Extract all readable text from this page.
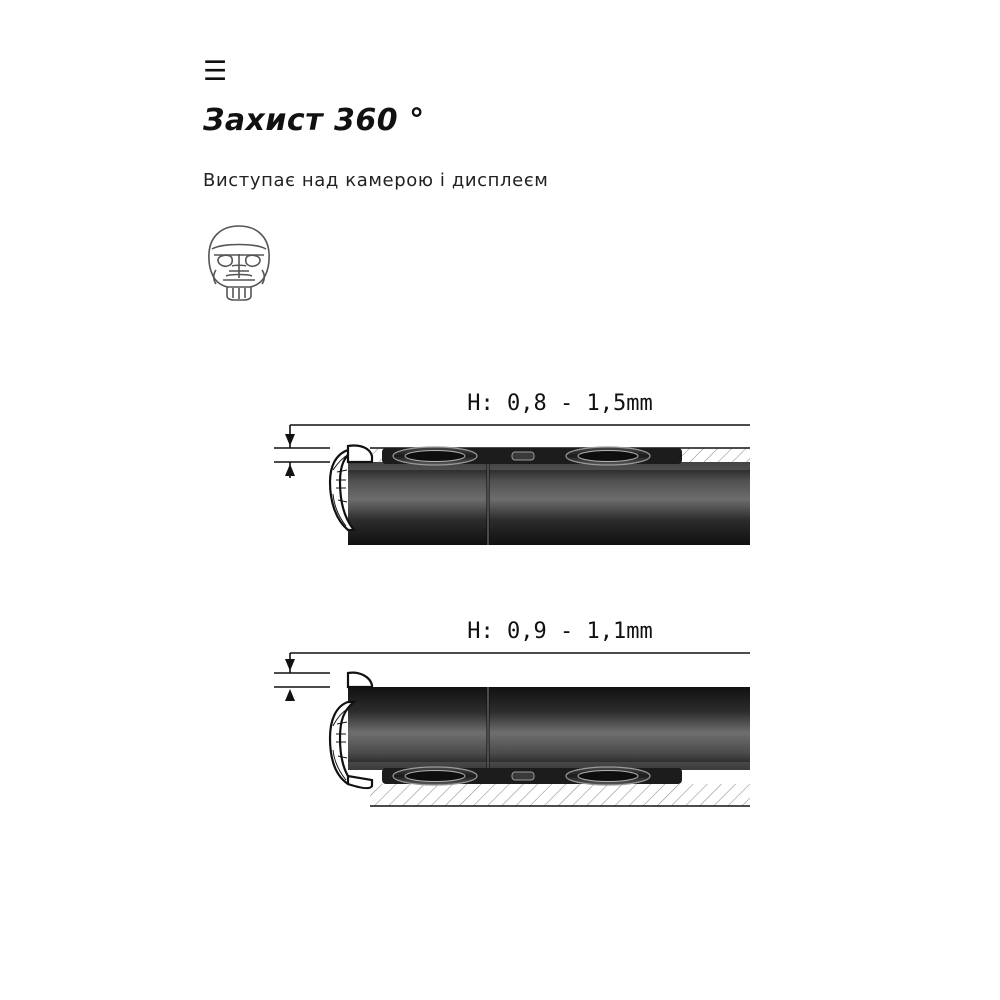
☰
Захист 360 °
Виступає над камерою і дисплеєм
H: 0,8 - 1,5mm
H: 0,9 - 1,1mm
